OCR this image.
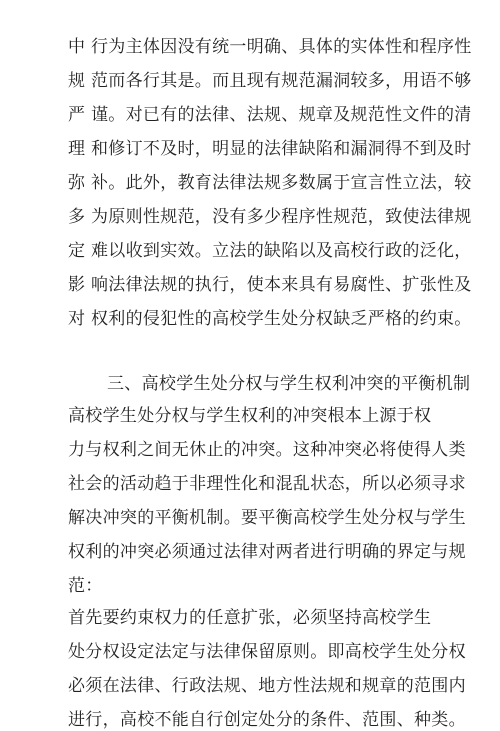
中 行为主体因没有统一明确、具体的实体性和程序性
规 范而各行其是。而且现有规范漏洞较多，用语不够
严 谨。对已有的法律、法规、规章及规范性文件的清
理 和修订不及时，明显的法律缺陷和漏洞得不到及时
弥 补。此外，教育法律法规多数属于宣言性立法，较
多 为原则性规范，没有多少程序性规范，致使法律规
定 难以收到实效。立法的缺陷以及高校行政的泛化，
影 响法律法规的执行，使本来具有易腐性、扩张性及
对 权利的侵犯性的高校学生处分权缺乏严格的约束。
三、高校学生处分权与学生权利冲突的平衡机制
高校学生处分权与学生权利的冲突根本上源于权
力与权利之间无休止的冲突。这种冲突必将使得人类
社会的活动趋于非理性化和混乱状态，所以必须寻求
解决冲突的平衡机制。要平衡高校学生处分权与学生
权利的冲突必须通过法律对两者进行明确的界定与规
范：
首先要约束权力的任意扩张，必须坚持高校学生
处分权设定法定与法律保留原则。即高校学生处分权
必须在法律、行政法规、地方性法规和规章的范围内
进行，高校不能自行创定处分的条件、范围、种类。
